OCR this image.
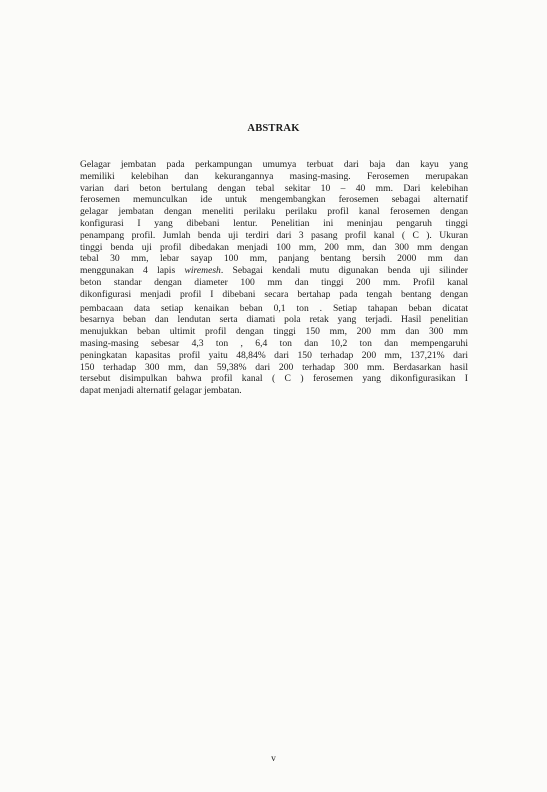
ABSTRAK
Gelagar jembatan pada perkampungan umumya terbuat dari baja dan kayu yang
memiliki kelebihan dan kekurangannya masing-masing. Ferosemen merupakan
varian dari beton bertulang dengan tebal sekitar 10 – 40 mm. Dari kelebihan
ferosemen memunculkan ide untuk mengembangkan ferosemen sebagai alternatif
gelagar jembatan dengan meneliti perilaku perilaku profil kanal ferosemen dengan
konfigurasi I yang dibebani lentur. Penelitian ini meninjau pengaruh tinggi
penampang profil. Jumlah benda uji terdiri dari 3 pasang profil kanal ( C ). Ukuran
tinggi benda uji profil dibedakan menjadi 100 mm, 200 mm, dan 300 mm dengan
tebal 30 mm, lebar sayap 100 mm, panjang bentang bersih 2000 mm dan
menggunakan 4 lapis wiremesh. Sebagai kendali mutu digunakan benda uji silinder
beton standar dengan diameter 100 mm dan tinggi 200 mm. Profil kanal
dikonfigurasi menjadi profil I dibebani secara bertahap pada tengah bentang dengan
pembacaan data setiap kenaikan beban 0,1 ton . Setiap tahapan beban dicatat
besarnya beban dan lendutan serta diamati pola retak yang terjadi. Hasil penelitian
menujukkan beban ultimit profil dengan tinggi 150 mm, 200 mm dan 300 mm
masing-masing sebesar 4,3 ton , 6,4 ton dan 10,2 ton dan mempengaruhi
peningkatan kapasitas profil yaitu 48,84% dari 150 terhadap 200 mm, 137,21% dari
150 terhadap 300 mm, dan 59,38% dari 200 terhadap 300 mm. Berdasarkan hasil
tersebut disimpulkan bahwa profil kanal ( C ) ferosemen yang dikonfigurasikan I
dapat menjadi alternatif gelagar jembatan.
v
